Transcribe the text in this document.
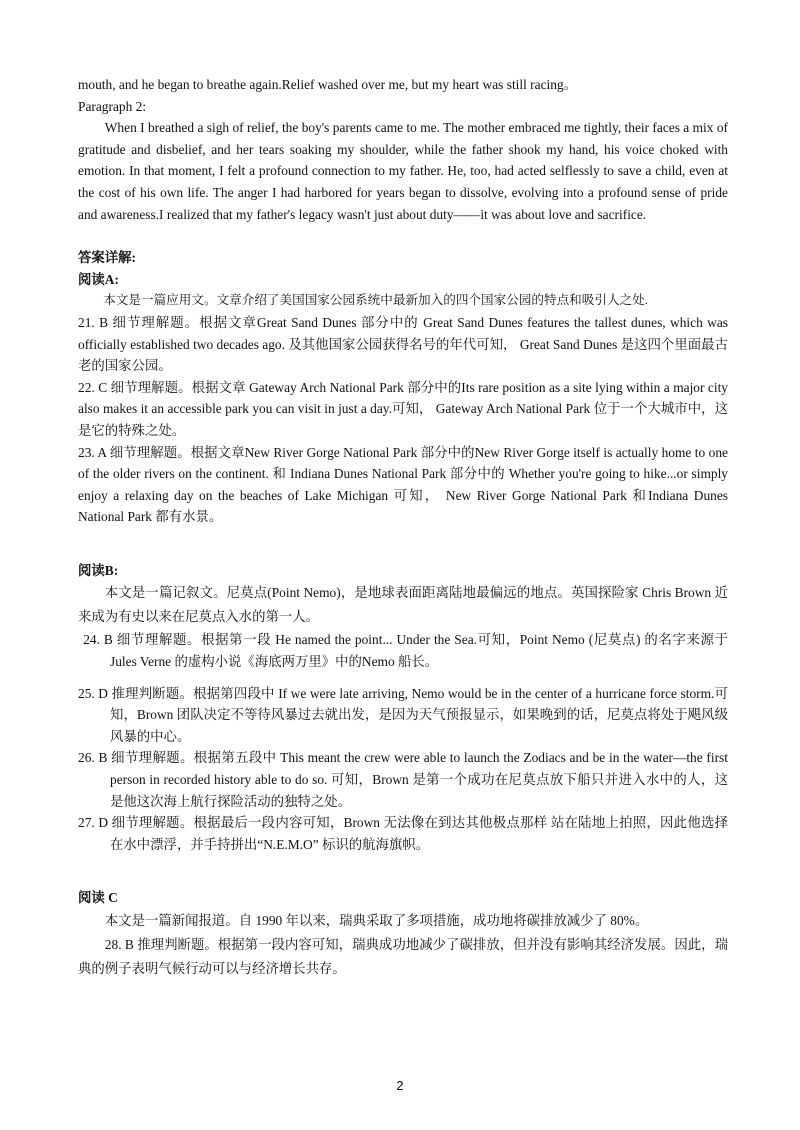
mouth, and he began to breathe again.Relief washed over me, but my heart was still racing。

Paragraph 2:

When I breathed a sigh of relief, the boy's parents came to me. The mother embraced me tightly, their faces a mix of gratitude and disbelief, and her tears soaking my shoulder, while the father shook my hand, his voice choked with emotion. In that moment, I felt a profound connection to my father. He, too, had acted selflessly to save a child, even at the cost of his own life. The anger I had harbored for years began to dissolve, evolving into a profound sense of pride and awareness.I realized that my father's legacy wasn't just about duty——it was about love and sacrifice.

答案详解:

阅读A:

本文是一篇应用文。文章介绍了美国国家公园系统中最新加入的四个国家公园的特点和吸引人之处.

21. B 细节理解题。根据文章Great Sand Dunes 部分中的 Great Sand Dunes features the tallest dunes, which was officially established two decades ago. 及其他国家公园获得名号的年代可知， Great Sand Dunes 是这四个里面最古老的国家公园。

22. C 细节理解题。根据文章 Gateway Arch National Park 部分中的Its rare position as a site lying within a major city also makes it an accessible park you can visit in just a day.可知， Gateway Arch National Park 位于一个大城市中，这是它的特殊之处。

23. A 细节理解题。根据文章New River Gorge National Park 部分中的New River Gorge itself is actually home to one of the older rivers on the continent. 和 Indiana Dunes National Park 部分中的 Whether you're going to hike...or simply enjoy a relaxing day on the beaches of Lake Michigan 可知， New River Gorge National Park 和Indiana Dunes National Park 都有水景。

阅读B:

本文是一篇记叙文。尼莫点(Point Nemo)，是地球表面距离陆地最偏远的地点。英国探险家 Chris Brown 近来成为有史以来在尼莫点入水的第一人。

24. B 细节理解题。根据第一段 He named the point... Under the Sea.可知，Point Nemo (尼莫点) 的名字来源于 Jules Verne 的虚构小说《海底两万里》中的Nemo 船长。

25. D 推理判断题。根据第四段中 If we were late arriving, Nemo would be in the center of a hurricane force storm.可知，Brown 团队决定不等待风暴过去就出发，是因为天气预报显示，如果晚到的话，尼莫点将处于飓风级风暴的中心。

26. B 细节理解题。根据第五段中 This meant the crew were able to launch the Zodiacs and be in the water—the first person in recorded history able to do so. 可知，Brown 是第一个成功在尼莫点放下船只并进入水中的人，这是他这次海上航行探险活动的独特之处。

27. D 细节理解题。根据最后一段内容可知，Brown 无法像在到达其他极点那样 站在陆地上拍照，因此他选择在水中漂浮，并手持拼出“N.E.M.O” 标识的航海旗帜。

阅读 C

本文是一篇新闻报道。自 1990 年以来，瑞典采取了多项措施，成功地将碳排放减少了 80%。

28. B 推理判断题。根据第一段内容可知，瑞典成功地减少了碳排放，但并没有影响其经济发展。因此，瑞典的例子表明气候行动可以与经济增长共存。

2
